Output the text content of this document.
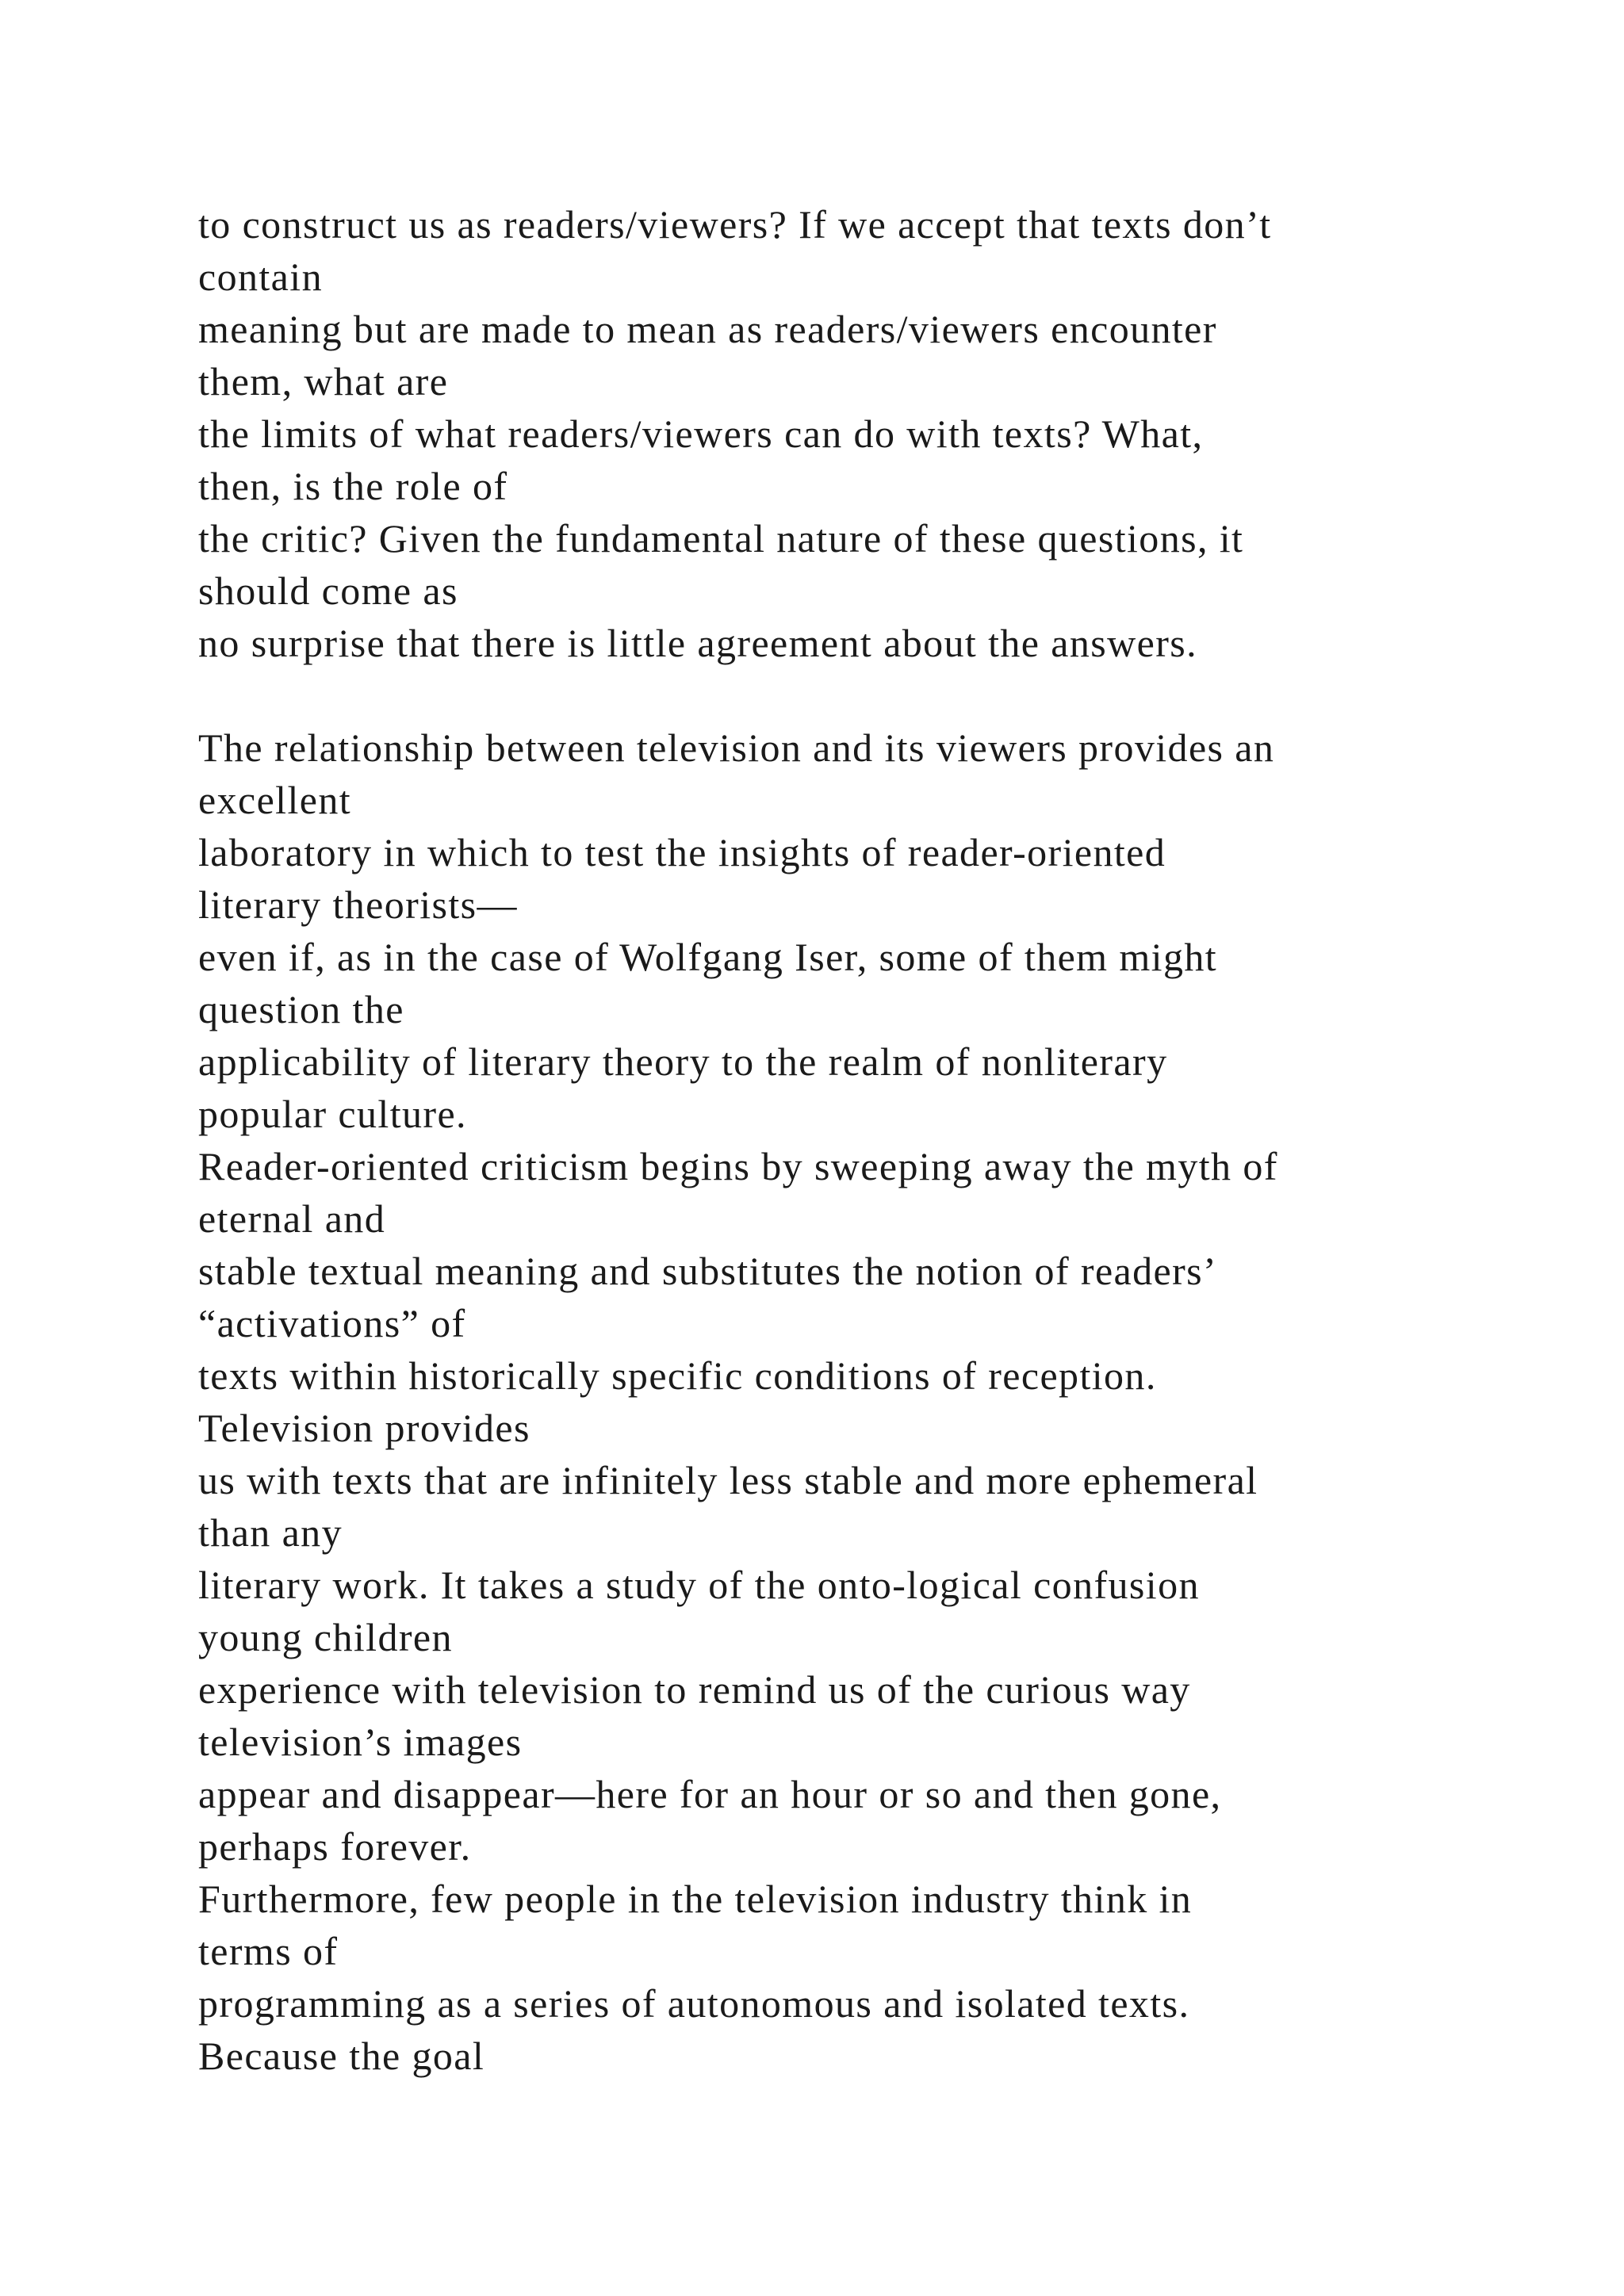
to construct us as readers/viewers? If we accept that texts don’t
contain
meaning but are made to mean as readers/viewers encounter
them, what are
the limits of what readers/viewers can do with texts? What,
then, is the role of
the critic? Given the fundamental nature of these questions, it
should come as
no surprise that there is little agreement about the answers.
The relationship between television and its viewers provides an
excellent
laboratory in which to test the insights of reader-oriented
literary theorists—
even if, as in the case of Wolfgang Iser, some of them might
question the
applicability of literary theory to the realm of nonliterary
popular culture.
Reader-oriented criticism begins by sweeping away the myth of
eternal and
stable textual meaning and substitutes the notion of readers’
“activations” of
texts within historically specific conditions of reception.
Television provides
us with texts that are infinitely less stable and more ephemeral
than any
literary work. It takes a study of the onto-logical confusion
young children
experience with television to remind us of the curious way
television’s images
appear and disappear—here for an hour or so and then gone,
perhaps forever.
Furthermore, few people in the television industry think in
terms of
programming as a series of autonomous and isolated texts.
Because the goal
